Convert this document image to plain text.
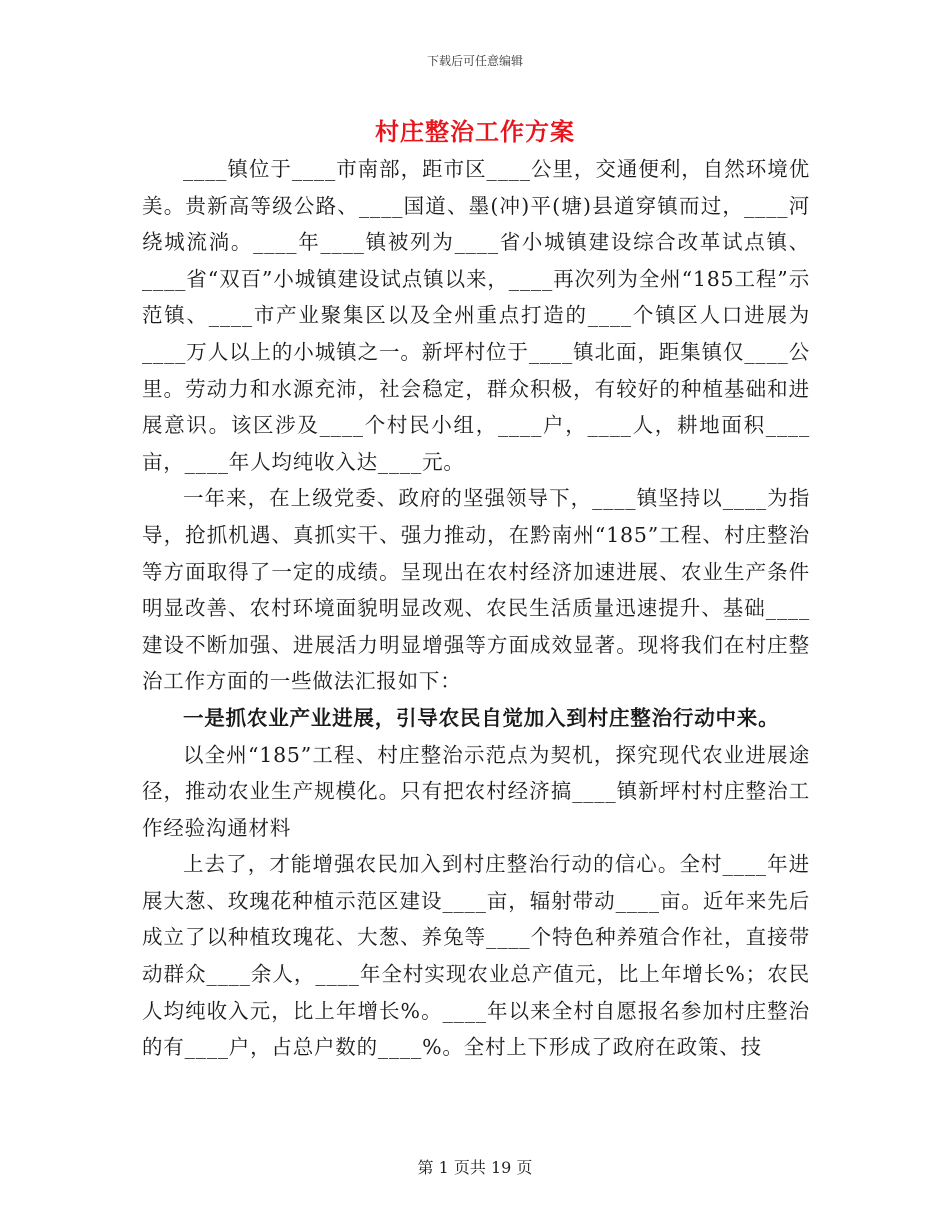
下载后可任意编辑
村庄整治工作方案

____镇位于____市南部，距市区____公里，交通便利，自然环境优美。贵新高等级公路、____国道、墨(冲)平(塘)县道穿镇而过，____河绕城流淌。____年____镇被列为____省小城镇建设综合改革试点镇、____省“双百”小城镇建设试点镇以来，____再次列为全州“185工程”示范镇、____市产业聚集区以及全州重点打造的____个镇区人口进展为____万人以上的小城镇之一。新坪村位于____镇北面，距集镇仅____公里。劳动力和水源充沛，社会稳定，群众积极，有较好的种植基础和进展意识。该区涉及____个村民小组，____户，____人，耕地面积____亩，____年人均纯收入达____元。

一年来，在上级党委、政府的坚强领导下，____镇坚持以____为指导，抢抓机遇、真抓实干、强力推动，在黔南州“185”工程、村庄整治等方面取得了一定的成绩。呈现出在农村经济加速进展、农业生产条件明显改善、农村环境面貌明显改观、农民生活质量迅速提升、基础____建设不断加强、进展活力明显增强等方面成效显著。现将我们在村庄整治工作方面的一些做法汇报如下：

一是抓农业产业进展，引导农民自觉加入到村庄整治行动中来。

以全州“185”工程、村庄整治示范点为契机，探究现代农业进展途径，推动农业生产规模化。只有把农村经济搞____镇新坪村村庄整治工作经验沟通材料

上去了，才能增强农民加入到村庄整治行动的信心。全村____年进展大葱、玫瑰花种植示范区建设____亩，辐射带动____亩。近年来先后成立了以种植玫瑰花、大葱、养兔等____个特色种养殖合作社，直接带动群众____余人，____年全村实现农业总产值元，比上年增长%；农民人均纯收入元，比上年增长%。____年以来全村自愿报名参加村庄整治的有____户，占总户数的____%。全村上下形成了政府在政策、技

第 1 页共 19 页
